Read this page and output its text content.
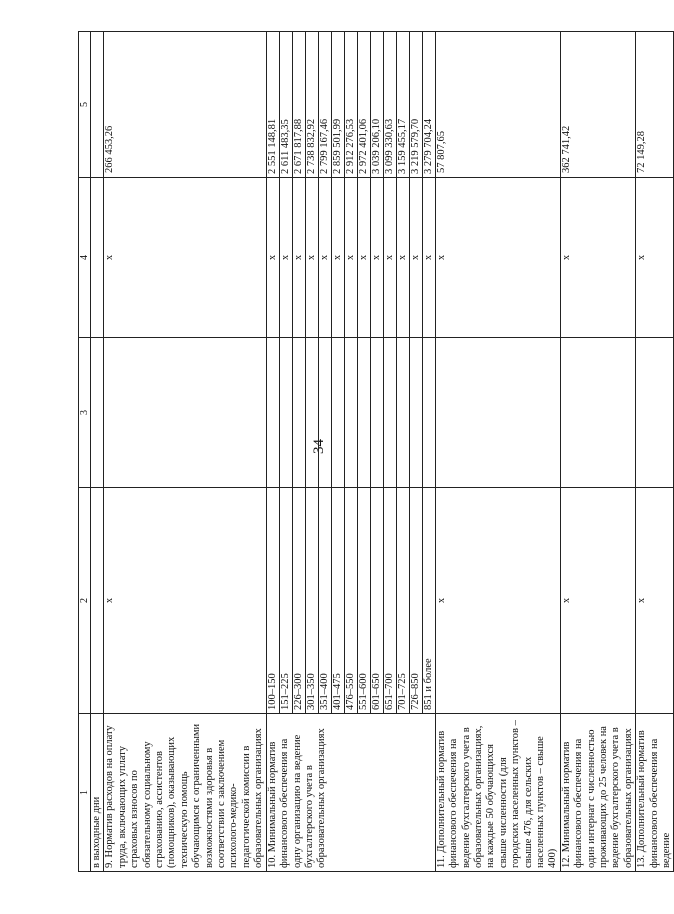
34
1	2	3	4	5
в выходные дни				
9. Норматив расходов на оплату труда, включающих уплату страховых взносов по обязательному социальному страхованию, ассистентов (помощников), оказывающих техническую помощь обучающимся с ограниченными возможностями здоровья в соответствии с заключением психолого-медико-педагогической комиссии в образовательных организациях	х		х	266 453,26
10. Минимальный норматив финансового обеспечения на одну организацию на ведение бухгалтерского учета в образовательных организациях	100–150		х	2 551 148,81
	151–225		х	2 611 483,35
	226–300		х	2 671 817,88
	301–350		х	2 738 832,92
	351–400		х	2 799 167,46
	401–475		х	2 859 501,99
	476–550		х	2 912 276,53
	551–600		х	2 972 401,06
	601–650		х	3 039 206,10
	651–700		х	3 099 330,63
	701–725		х	3 159 455,17
	726–850		х	3 219 579,70
	851 и более		х	3 279 704,24
11. Дополнительный норматив финансового обеспечения на ведение бухгалтерского учета в образовательных организациях, на каждые 50 обучающихся свыше численности (для городских населенных пунктов – свыше 476, для сельских населенных пунктов – свыше 400)	х		х	57 807,65
12. Минимальный норматив финансового обеспечения на один интернат с численностью проживающих до 25 человек на ведение бухгалтерского учета в образовательных организациях	х		х	362 741,42
13. Дополнительный норматив финансового обеспечения на ведение	х		х	72 149,28
